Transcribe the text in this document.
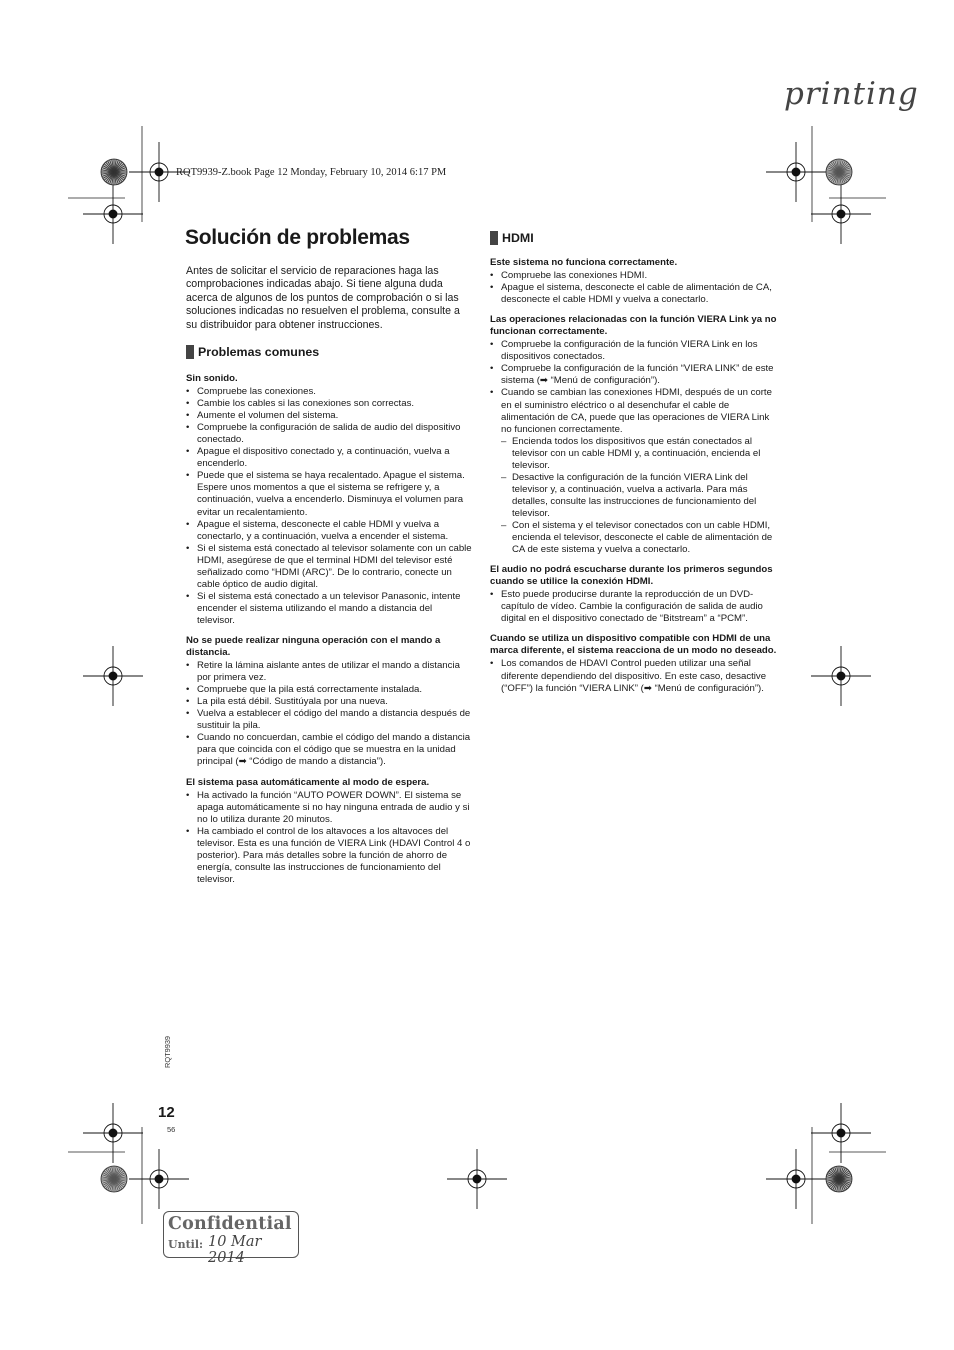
printing
RQT9939-Z.book Page 12 Monday, February 10, 2014 6:17 PM
Solución de problemas

Antes de solicitar el servicio de reparaciones haga las comprobaciones indicadas abajo. Si tiene alguna duda acerca de algunos de los puntos de comprobación o si las soluciones indicadas no resuelven el problema, consulte a su distribuidor para obtener instrucciones.

Problemas comunes

Sin sonido.

• Compruebe las conexiones.
• Cambie los cables si las conexiones son correctas.
• Aumente el volumen del sistema.
• Compruebe la configuración de salida de audio del dispositivo conectado.
• Apague el dispositivo conectado y, a continuación, vuelva a encenderlo.
• Puede que el sistema se haya recalentado. Apague el sistema. Espere unos momentos a que el sistema se refrigere y, a continuación, vuelva a encenderlo. Disminuya el volumen para evitar un recalentamiento.
• Apague el sistema, desconecte el cable HDMI y vuelva a conectarlo, y a continuación, vuelva a encender el sistema.
• Si el sistema está conectado al televisor solamente con un cable HDMI, asegúrese de que el terminal HDMI del televisor esté señalizado como “HDMI (ARC)”. De lo contrario, conecte un cable óptico de audio digital.
• Si el sistema está conectado a un televisor Panasonic, intente encender el sistema utilizando el mando a distancia del televisor.

No se puede realizar ninguna operación con el mando a distancia.

• Retire la lámina aislante antes de utilizar el mando a distancia por primera vez.
• Compruebe que la pila está correctamente instalada.
• La pila está débil. Sustitúyala por una nueva.
• Vuelva a establecer el código del mando a distancia después de sustituir la pila.
• Cuando no concuerdan, cambie el código del mando a distancia para que coincida con el código que se muestra en la unidad principal (➡ “Código de mando a distancia”).

El sistema pasa automáticamente al modo de espera.

• Ha activado la función “AUTO POWER DOWN”. El sistema se apaga automáticamente si no hay ninguna entrada de audio y si no lo utiliza durante 20 minutos.
• Ha cambiado el control de los altavoces a los altavoces del televisor. Esta es una función de VIERA Link (HDAVI Control 4 o posterior). Para más detalles sobre la función de ahorro de energía, consulte las instrucciones de funcionamiento del televisor.
HDMI

Este sistema no funciona correctamente.

• Compruebe las conexiones HDMI.
• Apague el sistema, desconecte el cable de alimentación de CA, desconecte el cable HDMI y vuelva a conectarlo.

Las operaciones relacionadas con la función VIERA Link ya no funcionan correctamente.

• Compruebe la configuración de la función VIERA Link en los dispositivos conectados.
• Compruebe la configuración de la función “VIERA LINK” de este sistema (➡ “Menú de configuración”).
• Cuando se cambian las conexiones HDMI, después de un corte en el suministro eléctrico o al desenchufar el cable de alimentación de CA, puede que las operaciones de VIERA Link no funcionen correctamente.
– Encienda todos los dispositivos que están conectados al televisor con un cable HDMI y, a continuación, encienda el televisor.
– Desactive la configuración de la función VIERA Link del televisor y, a continuación, vuelva a activarla. Para más detalles, consulte las instrucciones de funcionamiento del televisor.
– Con el sistema y el televisor conectados con un cable HDMI, encienda el televisor, desconecte el cable de alimentación de CA de este sistema y vuelva a conectarlo.

El audio no podrá escucharse durante los primeros segundos cuando se utilice la conexión HDMI.

• Esto puede producirse durante la reproducción de un DVD-capítulo de vídeo. Cambie la configuración de salida de audio digital en el dispositivo conectado de “Bitstream” a “PCM”.

Cuando se utiliza un dispositivo compatible con HDMI de una marca diferente, el sistema reacciona de un modo no deseado.

• Los comandos de HDAVI Control pueden utilizar una señal diferente dependiendo del dispositivo. En este caso, desactive (“OFF”) la función “VIERA LINK” (➡ “Menú de configuración”).
RQT9939
12
56
Confidential
Until: 10 Mar 2014
